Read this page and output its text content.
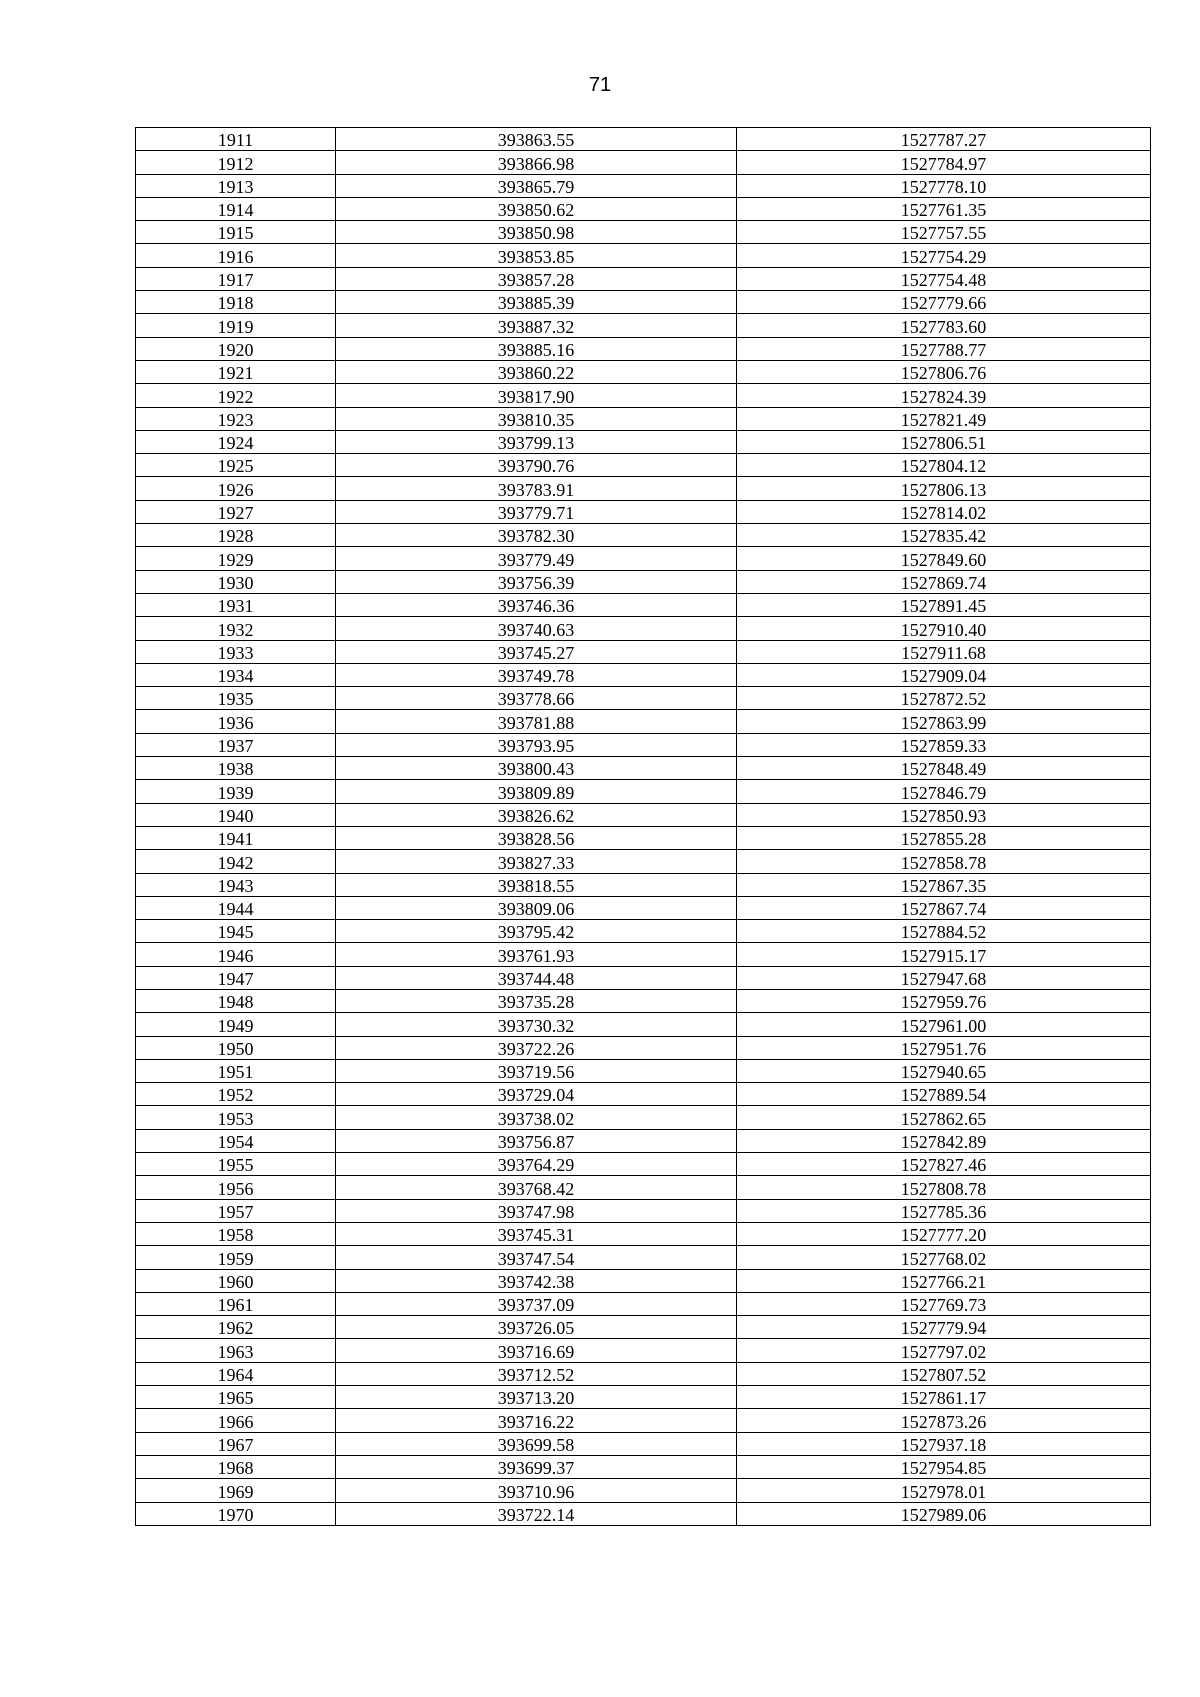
71
1911	393863.55	1527787.27
1912	393866.98	1527784.97
1913	393865.79	1527778.10
1914	393850.62	1527761.35
1915	393850.98	1527757.55
1916	393853.85	1527754.29
1917	393857.28	1527754.48
1918	393885.39	1527779.66
1919	393887.32	1527783.60
1920	393885.16	1527788.77
1921	393860.22	1527806.76
1922	393817.90	1527824.39
1923	393810.35	1527821.49
1924	393799.13	1527806.51
1925	393790.76	1527804.12
1926	393783.91	1527806.13
1927	393779.71	1527814.02
1928	393782.30	1527835.42
1929	393779.49	1527849.60
1930	393756.39	1527869.74
1931	393746.36	1527891.45
1932	393740.63	1527910.40
1933	393745.27	1527911.68
1934	393749.78	1527909.04
1935	393778.66	1527872.52
1936	393781.88	1527863.99
1937	393793.95	1527859.33
1938	393800.43	1527848.49
1939	393809.89	1527846.79
1940	393826.62	1527850.93
1941	393828.56	1527855.28
1942	393827.33	1527858.78
1943	393818.55	1527867.35
1944	393809.06	1527867.74
1945	393795.42	1527884.52
1946	393761.93	1527915.17
1947	393744.48	1527947.68
1948	393735.28	1527959.76
1949	393730.32	1527961.00
1950	393722.26	1527951.76
1951	393719.56	1527940.65
1952	393729.04	1527889.54
1953	393738.02	1527862.65
1954	393756.87	1527842.89
1955	393764.29	1527827.46
1956	393768.42	1527808.78
1957	393747.98	1527785.36
1958	393745.31	1527777.20
1959	393747.54	1527768.02
1960	393742.38	1527766.21
1961	393737.09	1527769.73
1962	393726.05	1527779.94
1963	393716.69	1527797.02
1964	393712.52	1527807.52
1965	393713.20	1527861.17
1966	393716.22	1527873.26
1967	393699.58	1527937.18
1968	393699.37	1527954.85
1969	393710.96	1527978.01
1970	393722.14	1527989.06
